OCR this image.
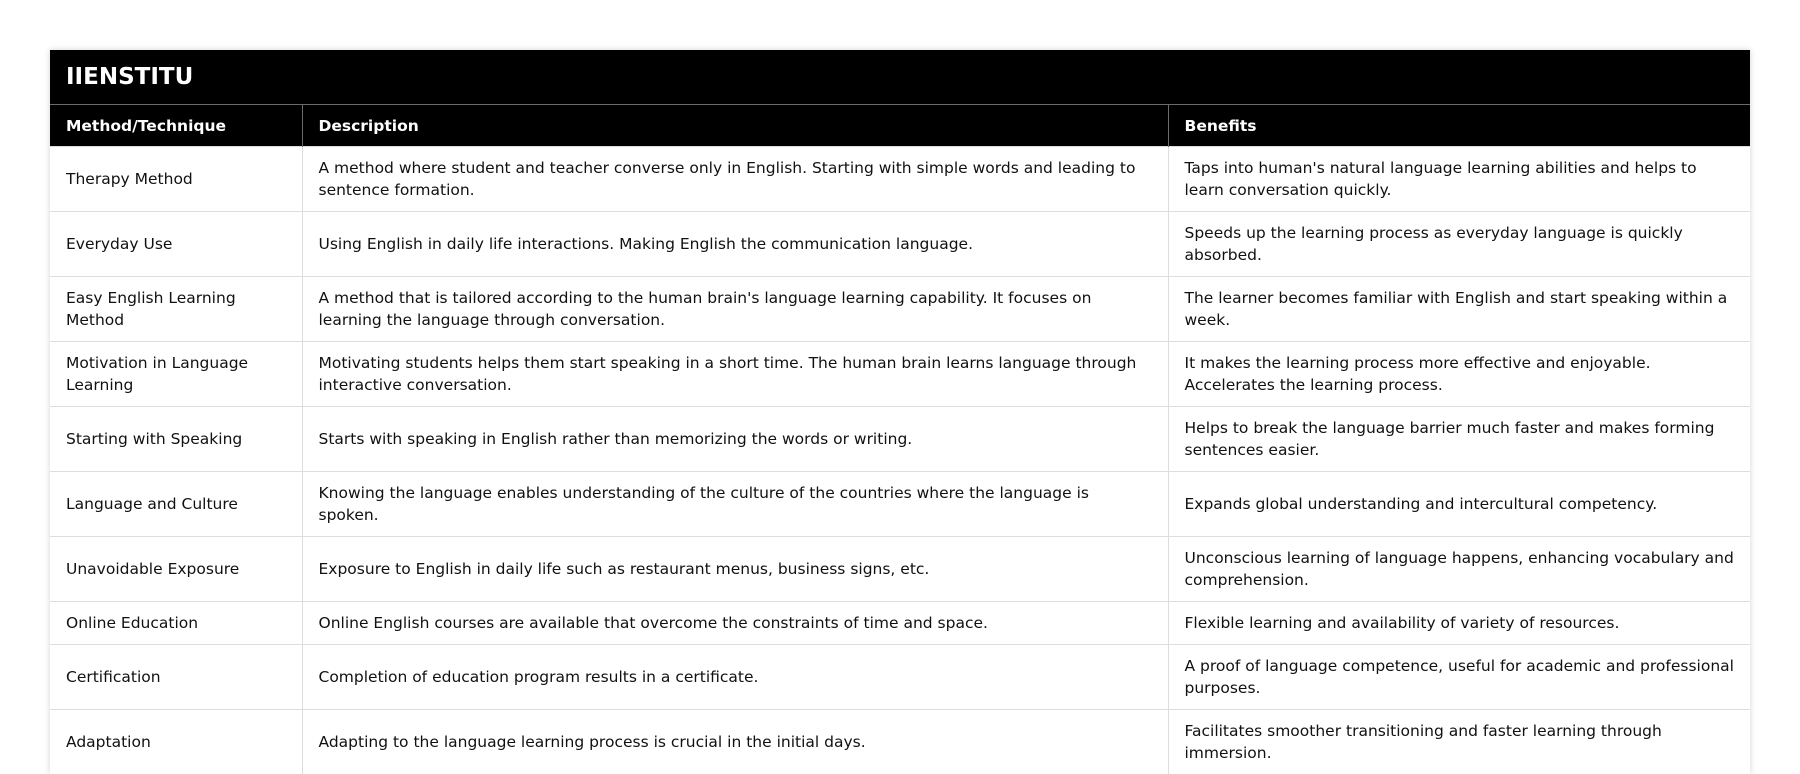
IIENSTITU
Method/Technique	Description	Benefits
Therapy Method	A method where student and teacher converse only in English. Starting with simple words and leading to sentence formation.	Taps into human's natural language learning abilities and helps to learn conversation quickly.
Everyday Use	Using English in daily life interactions. Making English the communication language.	Speeds up the learning process as everyday language is quickly absorbed.
Easy English Learning Method	A method that is tailored according to the human brain's language learning capability. It focuses on learning the language through conversation.	The learner becomes familiar with English and start speaking within a week.
Motivation in Language Learning	Motivating students helps them start speaking in a short time. The human brain learns language through interactive conversation.	It makes the learning process more effective and enjoyable. Accelerates the learning process.
Starting with Speaking	Starts with speaking in English rather than memorizing the words or writing.	Helps to break the language barrier much faster and makes forming sentences easier.
Language and Culture	Knowing the language enables understanding of the culture of the countries where the language is spoken.	Expands global understanding and intercultural competency.
Unavoidable Exposure	Exposure to English in daily life such as restaurant menus, business signs, etc.	Unconscious learning of language happens, enhancing vocabulary and comprehension.
Online Education	Online English courses are available that overcome the constraints of time and space.	Flexible learning and availability of variety of resources.
Certification	Completion of education program results in a certificate.	A proof of language competence, useful for academic and professional purposes.
Adaptation	Adapting to the language learning process is crucial in the initial days.	Facilitates smoother transitioning and faster learning through immersion.
